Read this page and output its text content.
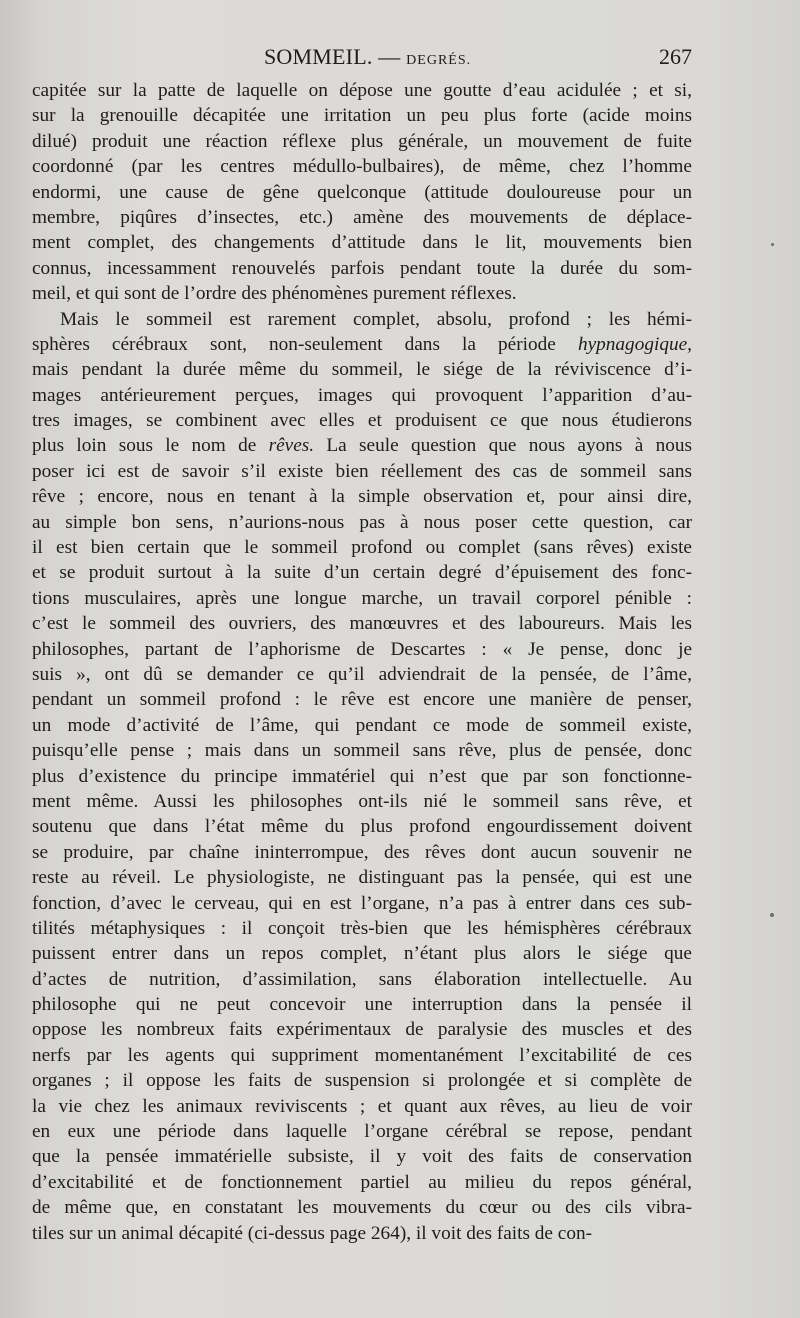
SOMMEIL. — DEGRÉS.	267
capitée sur la patte de laquelle on dépose une goutte d’eau acidulée ; et si,
sur la grenouille décapitée une irritation un peu plus forte (acide moins
dilué) produit une réaction réflexe plus générale, un mouvement de fuite
coordonné (par les centres médullo-bulbaires), de même, chez l’homme
endormi, une cause de gêne quelconque (attitude douloureuse pour un
membre, piqûres d’insectes, etc.) amène des mouvements de déplace-
ment complet, des changements d’attitude dans le lit, mouvements bien
connus, incessamment renouvelés parfois pendant toute la durée du som-
meil, et qui sont de l’ordre des phénomènes purement réflexes.
Mais le sommeil est rarement complet, absolu, profond ; les hémi-
sphères cérébraux sont, non-seulement dans la période hypnagogique,
mais pendant la durée même du sommeil, le siége de la réviviscence d’i-
mages antérieurement perçues, images qui provoquent l’apparition d’au-
tres images, se combinent avec elles et produisent ce que nous étudierons
plus loin sous le nom de rêves. La seule question que nous ayons à nous
poser ici est de savoir s’il existe bien réellement des cas de sommeil sans
rêve ; encore, nous en tenant à la simple observation et, pour ainsi dire,
au simple bon sens, n’aurions-nous pas à nous poser cette question, car
il est bien certain que le sommeil profond ou complet (sans rêves) existe
et se produit surtout à la suite d’un certain degré d’épuisement des fonc-
tions musculaires, après une longue marche, un travail corporel pénible :
c’est le sommeil des ouvriers, des manœuvres et des laboureurs. Mais les
philosophes, partant de l’aphorisme de Descartes : « Je pense, donc je
suis », ont dû se demander ce qu’il adviendrait de la pensée, de l’âme,
pendant un sommeil profond : le rêve est encore une manière de penser,
un mode d’activité de l’âme, qui pendant ce mode de sommeil existe,
puisqu’elle pense ; mais dans un sommeil sans rêve, plus de pensée, donc
plus d’existence du principe immatériel qui n’est que par son fonctionne-
ment même. Aussi les philosophes ont-ils nié le sommeil sans rêve, et
soutenu que dans l’état même du plus profond engourdissement doivent
se produire, par chaîne ininterrompue, des rêves dont aucun souvenir ne
reste au réveil. Le physiologiste, ne distinguant pas la pensée, qui est une
fonction, d’avec le cerveau, qui en est l’organe, n’a pas à entrer dans ces sub-
tilités métaphysiques : il conçoit très-bien que les hémisphères cérébraux
puissent entrer dans un repos complet, n’étant plus alors le siége que
d’actes de nutrition, d’assimilation, sans élaboration intellectuelle. Au
philosophe qui ne peut concevoir une interruption dans la pensée il
oppose les nombreux faits expérimentaux de paralysie des muscles et des
nerfs par les agents qui suppriment momentanément l’excitabilité de ces
organes ; il oppose les faits de suspension si prolongée et si complète de
la vie chez les animaux reviviscents ; et quant aux rêves, au lieu de voir
en eux une période dans laquelle l’organe cérébral se repose, pendant
que la pensée immatérielle subsiste, il y voit des faits de conservation
d’excitabilité et de fonctionnement partiel au milieu du repos général,
de même que, en constatant les mouvements du cœur ou des cils vibra-
tiles sur un animal décapité (ci-dessus page 264), il voit des faits de con-
